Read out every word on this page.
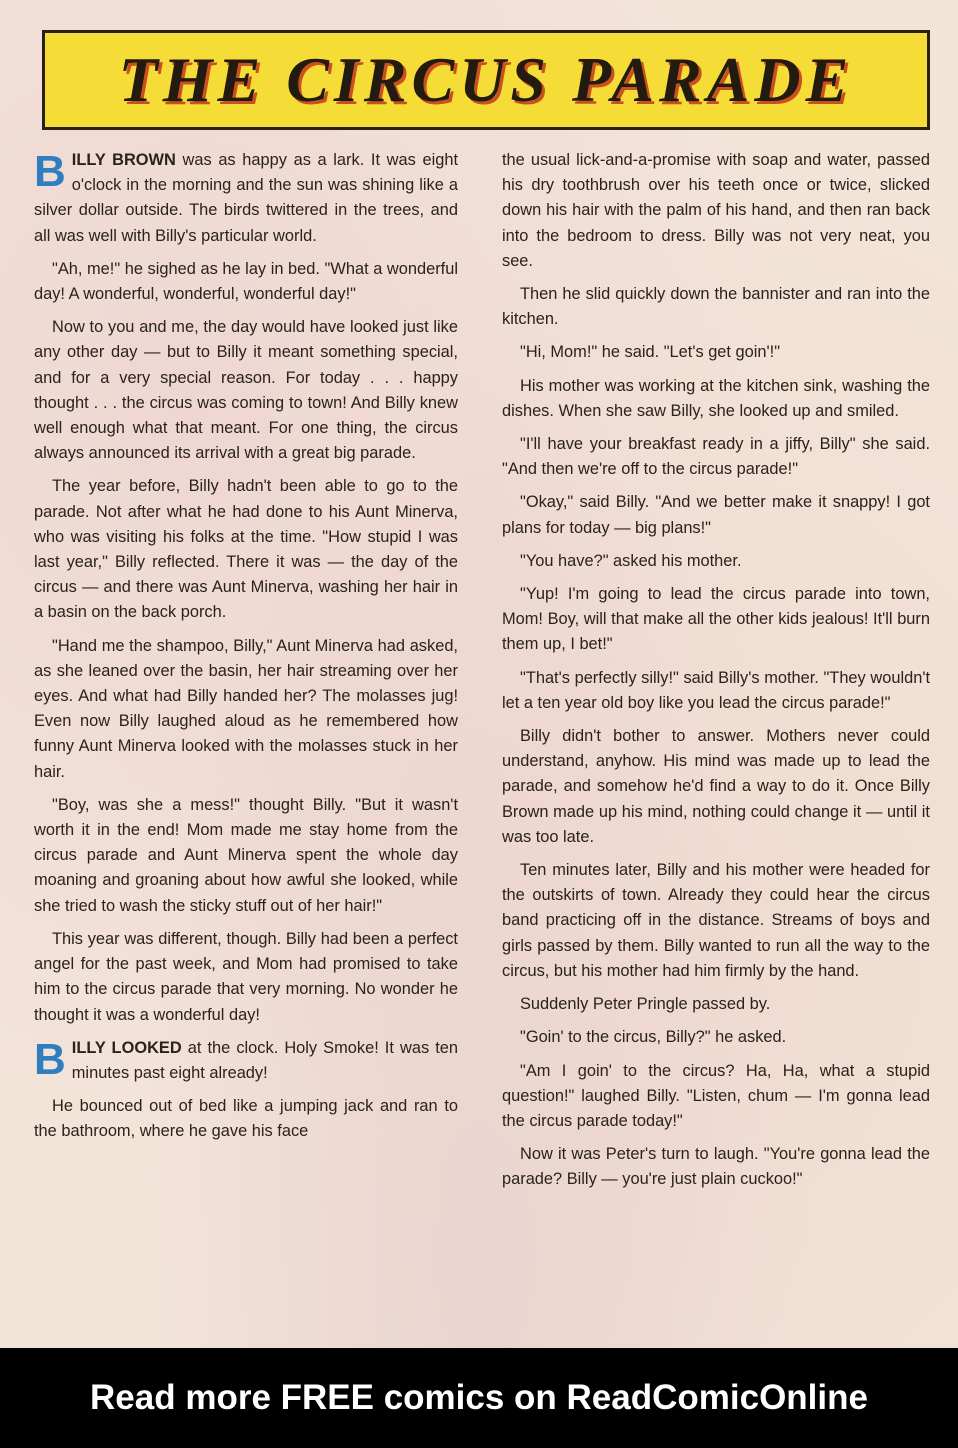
THE CIRCUS PARADE

BILLY BROWN was as happy as a lark. It was eight o'clock in the morning and the sun was shining like a silver dollar outside. The birds twittered in the trees, and all was well with Billy's particular world.

"Ah, me!" he sighed as he lay in bed. "What a wonderful day! A wonderful, wonderful, wonderful day!"

Now to you and me, the day would have looked just like any other day — but to Billy it meant something special, and for a very special reason. For today . . . happy thought . . . the circus was coming to town! And Billy knew well enough what that meant. For one thing, the circus always announced its arrival with a great big parade.

The year before, Billy hadn't been able to go to the parade. Not after what he had done to his Aunt Minerva, who was visiting his folks at the time. "How stupid I was last year," Billy reflected. There it was — the day of the circus — and there was Aunt Minerva, washing her hair in a basin on the back porch.

"Hand me the shampoo, Billy," Aunt Minerva had asked, as she leaned over the basin, her hair streaming over her eyes. And what had Billy handed her? The molasses jug! Even now Billy laughed aloud as he remembered how funny Aunt Minerva looked with the molasses stuck in her hair.

"Boy, was she a mess!" thought Billy. "But it wasn't worth it in the end! Mom made me stay home from the circus parade and Aunt Minerva spent the whole day moaning and groaning about how awful she looked, while she tried to wash the sticky stuff out of her hair!"

This year was different, though. Billy had been a perfect angel for the past week, and Mom had promised to take him to the circus parade that very morning. No wonder he thought it was a wonderful day!

BILLY LOOKED at the clock. Holy Smoke! It was ten minutes past eight already!

He bounced out of bed like a jumping jack and ran to the bathroom, where he gave his face

the usual lick-and-a-promise with soap and water, passed his dry toothbrush over his teeth once or twice, slicked down his hair with the palm of his hand, and then ran back into the bedroom to dress. Billy was not very neat, you see.

Then he slid quickly down the bannister and ran into the kitchen.

"Hi, Mom!" he said. "Let's get goin'!"

His mother was working at the kitchen sink, washing the dishes. When she saw Billy, she looked up and smiled.

"I'll have your breakfast ready in a jiffy, Billy" she said. "And then we're off to the circus parade!"

"Okay," said Billy. "And we better make it snappy! I got plans for today — big plans!"

"You have?" asked his mother.

"Yup! I'm going to lead the circus parade into town, Mom! Boy, will that make all the other kids jealous! It'll burn them up, I bet!"

"That's perfectly silly!" said Billy's mother. "They wouldn't let a ten year old boy like you lead the circus parade!"

Billy didn't bother to answer. Mothers never could understand, anyhow. His mind was made up to lead the parade, and somehow he'd find a way to do it. Once Billy Brown made up his mind, nothing could change it — until it was too late.

Ten minutes later, Billy and his mother were headed for the outskirts of town. Already they could hear the circus band practicing off in the distance. Streams of boys and girls passed by them. Billy wanted to run all the way to the circus, but his mother had him firmly by the hand.

Suddenly Peter Pringle passed by.

"Goin' to the circus, Billy?" he asked.

"Am I goin' to the circus? Ha, Ha, what a stupid question!" laughed Billy. "Listen, chum — I'm gonna lead the circus parade today!"

Now it was Peter's turn to laugh. "You're gonna lead the parade? Billy — you're just plain cuckoo!"

Read more FREE comics on ReadComicOnline
